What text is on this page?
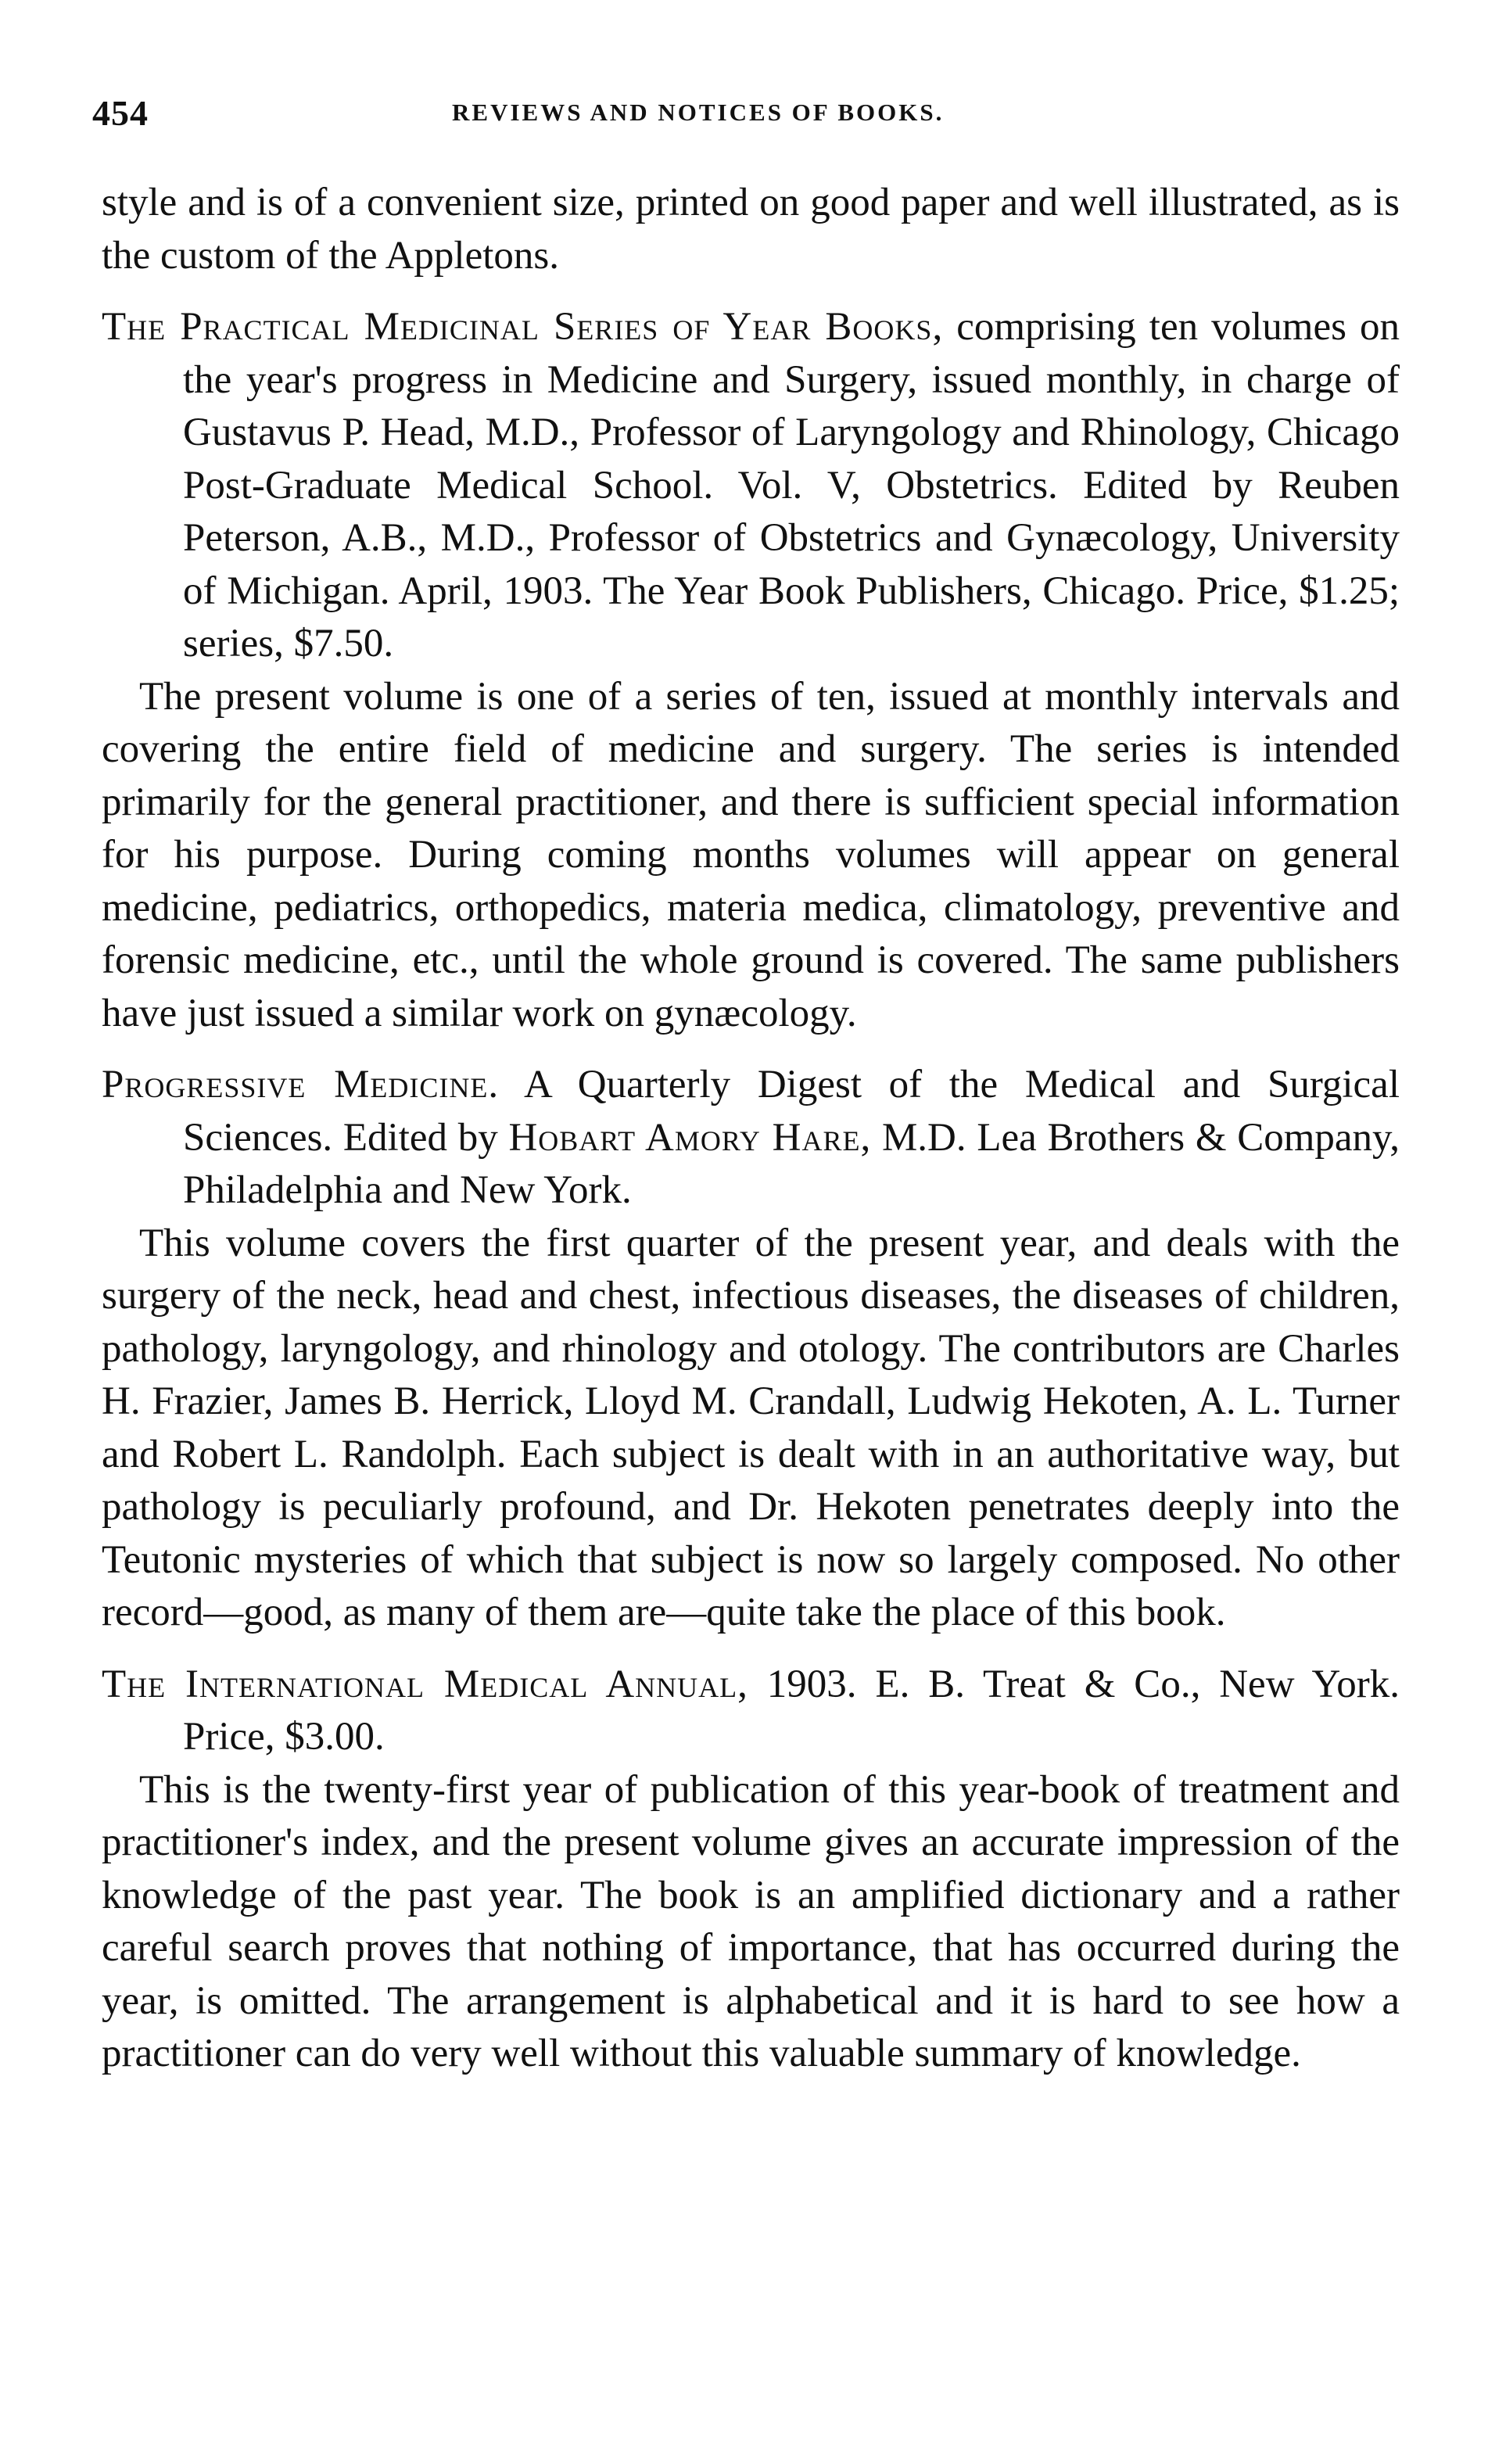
454	REVIEWS AND NOTICES OF BOOKS.

style and is of a convenient size, printed on good paper and well illustrated, as is the custom of the Appletons.

The Practical Medicinal Series of Year Books, comprising ten volumes on the year's progress in Medicine and Surgery, issued monthly, in charge of Gustavus P. Head, M.D., Professor of Laryngology and Rhinology, Chicago Post-Graduate Medical School. Vol. V, Obstetrics. Edited by Reuben Peterson, A.B., M.D., Professor of Obstetrics and Gynæcology, University of Michigan. April, 1903. The Year Book Publishers, Chicago. Price, $1.25; series, $7.50.

The present volume is one of a series of ten, issued at monthly intervals and covering the entire field of medicine and surgery. The series is intended primarily for the general practitioner, and there is sufficient special information for his purpose. During coming months volumes will appear on general medicine, pediatrics, orthopedics, materia medica, climatology, preventive and forensic medicine, etc., until the whole ground is covered. The same publishers have just issued a similar work on gynæcology.

Progressive Medicine. A Quarterly Digest of the Medical and Surgical Sciences. Edited by Hobart Amory Hare, M.D. Lea Brothers & Company, Philadelphia and New York.

This volume covers the first quarter of the present year, and deals with the surgery of the neck, head and chest, infectious diseases, the diseases of children, pathology, laryngology, and rhinology and otology. The contributors are Charles H. Frazier, James B. Herrick, Lloyd M. Crandall, Ludwig Hekoten, A. L. Turner and Robert L. Randolph. Each subject is dealt with in an authoritative way, but pathology is peculiarly profound, and Dr. Hekoten penetrates deeply into the Teutonic mysteries of which that subject is now so largely composed. No other record—good, as many of them are—quite take the place of this book.

The International Medical Annual, 1903. E. B. Treat & Co., New York. Price, $3.00.

This is the twenty-first year of publication of this year-book of treatment and practitioner's index, and the present volume gives an accurate impression of the knowledge of the past year. The book is an amplified dictionary and a rather careful search proves that nothing of importance, that has occurred during the year, is omitted. The arrangement is alphabetical and it is hard to see how a practitioner can do very well without this valuable summary of knowledge.
